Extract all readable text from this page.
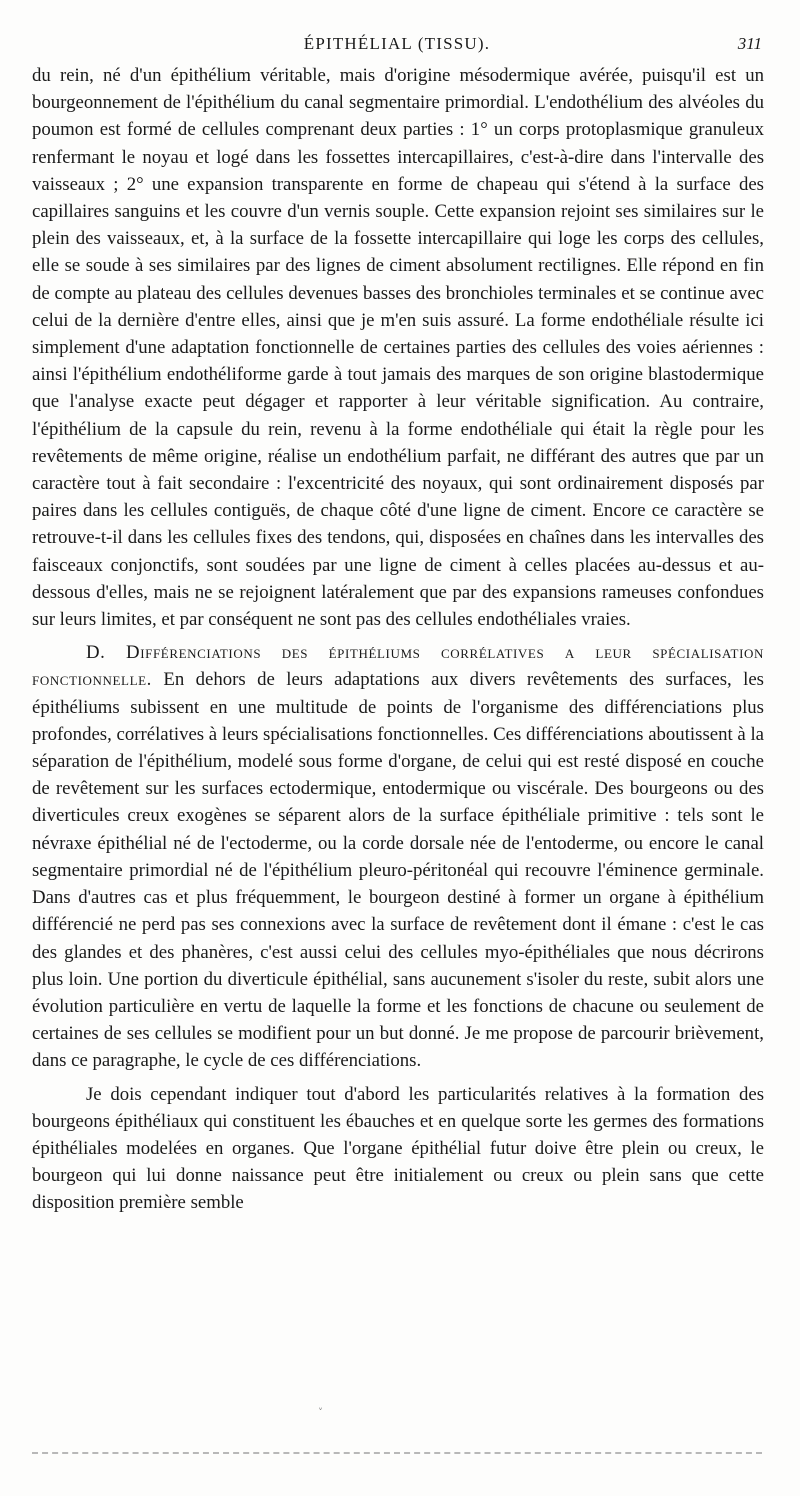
ÉPITHÉLIAL (TISSU).	311

du rein, né d'un épithélium véritable, mais d'origine mésodermique avérée, puisqu'il est un bourgeonnement de l'épithélium du canal segmentaire primordial. L'endothélium des alvéoles du poumon est formé de cellules comprenant deux parties : 1° un corps protoplasmique granuleux renfermant le noyau et logé dans les fossettes intercapillaires, c'est-à-dire dans l'intervalle des vaisseaux ; 2° une expansion transparente en forme de chapeau qui s'étend à la surface des capillaires sanguins et les couvre d'un vernis souple. Cette expansion rejoint ses similaires sur le plein des vaisseaux, et, à la surface de la fossette intercapillaire qui loge les corps des cellules, elle se soude à ses similaires par des lignes de ciment absolument rectilignes. Elle répond en fin de compte au plateau des cellules devenues basses des bronchioles terminales et se continue avec celui de la dernière d'entre elles, ainsi que je m'en suis assuré. La forme endothéliale résulte ici simplement d'une adaptation fonctionnelle de certaines parties des cellules des voies aériennes : ainsi l'épithélium endothéliforme garde à tout jamais des marques de son origine blastodermique que l'analyse exacte peut dégager et rapporter à leur véritable signification. Au contraire, l'épithélium de la capsule du rein, revenu à la forme endothéliale qui était la règle pour les revêtements de même origine, réalise un endothélium parfait, ne différant des autres que par un caractère tout à fait secondaire : l'excentricité des noyaux, qui sont ordinairement disposés par paires dans les cellules contiguës, de chaque côté d'une ligne de ciment. Encore ce caractère se retrouve-t-il dans les cellules fixes des tendons, qui, disposées en chaînes dans les intervalles des faisceaux conjonctifs, sont soudées par une ligne de ciment à celles placées au-dessus et au-dessous d'elles, mais ne se rejoignent latéralement que par des expansions rameuses confondues sur leurs limites, et par conséquent ne sont pas des cellules endothéliales vraies.

D. Différenciations des épithéliums corrélatives a leur spécialisation fonctionnelle. En dehors de leurs adaptations aux divers revêtements des surfaces, les épithéliums subissent en une multitude de points de l'organisme des différenciations plus profondes, corrélatives à leurs spécialisations fonctionnelles. Ces différenciations aboutissent à la séparation de l'épithélium, modelé sous forme d'organe, de celui qui est resté disposé en couche de revêtement sur les surfaces ectodermique, entodermique ou viscérale. Des bourgeons ou des diverticules creux exogènes se séparent alors de la surface épithéliale primitive : tels sont le névraxe épithélial né de l'ectoderme, ou la corde dorsale née de l'entoderme, ou encore le canal segmentaire primordial né de l'épithélium pleuro-péritonéal qui recouvre l'éminence germinale. Dans d'autres cas et plus fréquemment, le bourgeon destiné à former un organe à épithélium différencié ne perd pas ses connexions avec la surface de revêtement dont il émane : c'est le cas des glandes et des phanères, c'est aussi celui des cellules myo-épithéliales que nous décrirons plus loin. Une portion du diverticule épithélial, sans aucunement s'isoler du reste, subit alors une évolution particulière en vertu de laquelle la forme et les fonctions de chacune ou seulement de certaines de ses cellules se modifient pour un but donné. Je me propose de parcourir brièvement, dans ce paragraphe, le cycle de ces différenciations.

Je dois cependant indiquer tout d'abord les particularités relatives à la formation des bourgeons épithéliaux qui constituent les ébauches et en quelque sorte les germes des formations épithéliales modelées en organes. Que l'organe épithélial futur doive être plein ou creux, le bourgeon qui lui donne naissance peut être initialement ou creux ou plein sans que cette disposition première semble

˅
